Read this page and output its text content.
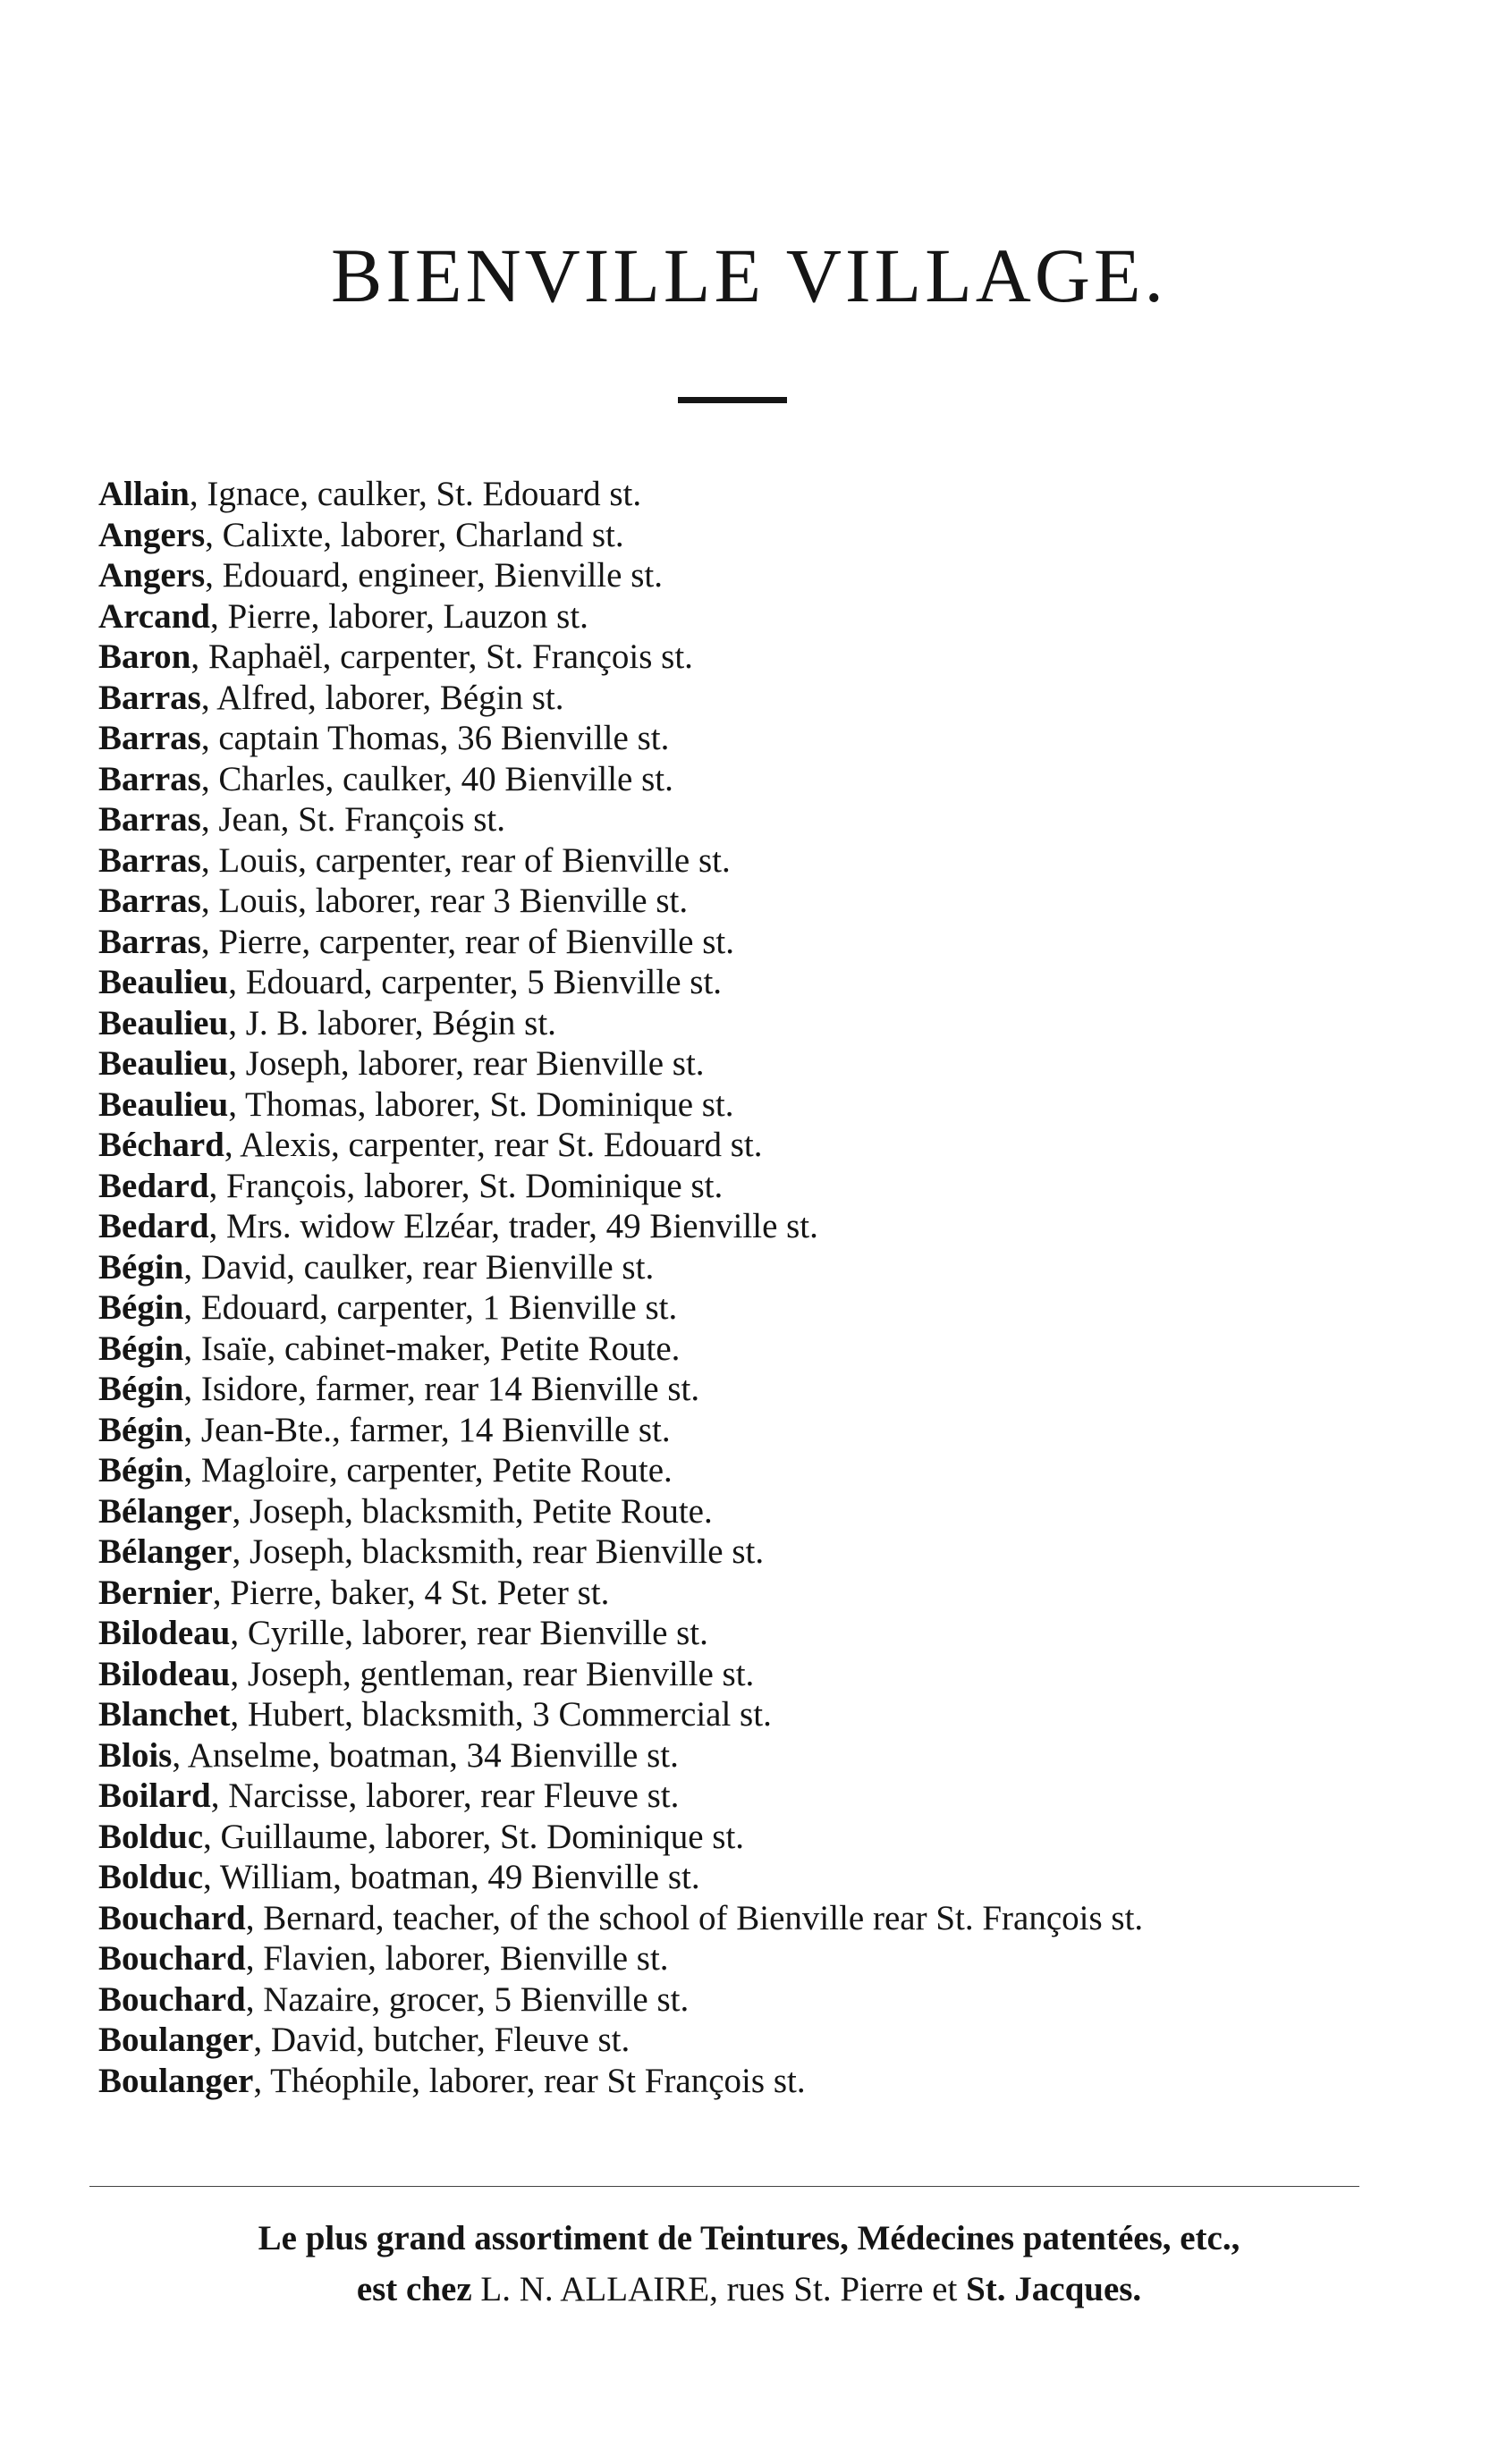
BIENVILLE VILLAGE.
Allain, Ignace, caulker, St. Edouard st.
Angers, Calixte, laborer, Charland st.
Angers, Edouard, engineer, Bienville st.
Arcand, Pierre, laborer, Lauzon st.
Baron, Raphaël, carpenter, St. François st.
Barras, Alfred, laborer, Bégin st.
Barras, captain Thomas, 36 Bienville st.
Barras, Charles, caulker, 40 Bienville st.
Barras, Jean, St. François st.
Barras, Louis, carpenter, rear of Bienville st.
Barras, Louis, laborer, rear 3 Bienville st.
Barras, Pierre, carpenter, rear of Bienville st.
Beaulieu, Edouard, carpenter, 5 Bienville st.
Beaulieu, J. B. laborer, Bégin st.
Beaulieu, Joseph, laborer, rear Bienville st.
Beaulieu, Thomas, laborer, St. Dominique st.
Béchard, Alexis, carpenter, rear St. Edouard st.
Bedard, François, laborer, St. Dominique st.
Bedard, Mrs. widow Elzéar, trader, 49 Bienville st.
Bégin, David, caulker, rear Bienville st.
Bégin, Edouard, carpenter, 1 Bienville st.
Bégin, Isaïe, cabinet-maker, Petite Route.
Bégin, Isidore, farmer, rear 14 Bienville st.
Bégin, Jean-Bte., farmer, 14 Bienville st.
Bégin, Magloire, carpenter, Petite Route.
Bélanger, Joseph, blacksmith, Petite Route.
Bélanger, Joseph, blacksmith, rear Bienville st.
Bernier, Pierre, baker, 4 St. Peter st.
Bilodeau, Cyrille, laborer, rear Bienville st.
Bilodeau, Joseph, gentleman, rear Bienville st.
Blanchet, Hubert, blacksmith, 3 Commercial st.
Blois, Anselme, boatman, 34 Bienville st.
Boilard, Narcisse, laborer, rear Fleuve st.
Bolduc, Guillaume, laborer, St. Dominique st.
Bolduc, William, boatman, 49 Bienville st.
Bouchard, Bernard, teacher, of the school of Bienville rear St. François st.
Bouchard, Flavien, laborer, Bienville st.
Bouchard, Nazaire, grocer, 5 Bienville st.
Boulanger, David, butcher, Fleuve st.
Boulanger, Théophile, laborer, rear St François st.

Le plus grand assortiment de Teintures, Médecines patentées, etc.,

est chez L. N. ALLAIRE, rues St. Pierre et St. Jacques.
